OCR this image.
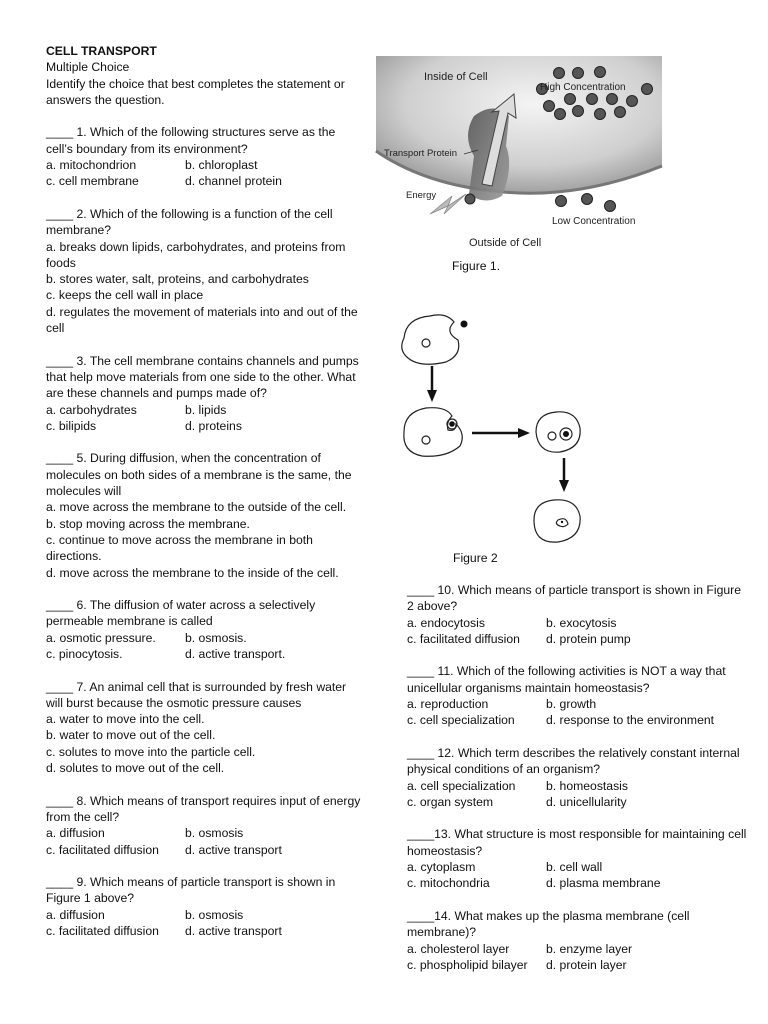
CELL TRANSPORT
Multiple Choice
Identify the choice that best completes the statement or answers the question.
____ 1. Which of the following structures serve as the cell’s boundary from its environment?
a. mitochondrion	b. chloroplast
c. cell membrane	d. channel protein
____ 2. Which of the following is a function of the cell membrane?
a. breaks down lipids, carbohydrates, and proteins from foods
b. stores water, salt, proteins, and carbohydrates
c. keeps the cell wall in place
d. regulates the movement of materials into and out of the cell
____ 3. The cell membrane contains channels and pumps that help move materials from one side to the other. What are these channels and pumps made of?
a. carbohydrates	b. lipids
c. bilipids	d. proteins
____ 5. During diffusion, when the concentration of molecules on both sides of a membrane is the same, the molecules will
a. move across the membrane to the outside of the cell.
b. stop moving across the membrane.
c. continue to move across the membrane in both directions.
d. move across the membrane to the inside of the cell.
____ 6. The diffusion of water across a selectively permeable membrane is called
a. osmotic pressure.	b. osmosis.
c. pinocytosis.	d. active transport.
____ 7. An animal cell that is surrounded by fresh water will burst because the osmotic pressure causes
a. water to move into the cell.
b. water to move out of the cell.
c. solutes to move into the particle cell.
d. solutes to move out of the cell.
____ 8. Which means of transport requires input of energy from the cell?
a. diffusion	b. osmosis
c. facilitated diffusion	d. active transport
____ 9. Which means of particle transport is shown in Figure 1 above?
a. diffusion	b. osmosis
c. facilitated diffusion	d. active transport
Inside of Cell
High Concentration
Transport Protein
Energy
Low Concentration
Outside of Cell
Figure 1.
Figure 2
____ 10. Which means of particle transport is shown in Figure 2 above?
a. endocytosis	b. exocytosis
c. facilitated diffusion	d. protein pump
____ 11. Which of the following activities is NOT a way that unicellular organisms maintain homeostasis?
a. reproduction	b. growth
c. cell specialization	d. response to the environment
____ 12. Which term describes the relatively constant internal physical conditions of an organism?
a. cell specialization	b. homeostasis
c. organ system	d. unicellularity
____13. What structure is most responsible for maintaining cell homeostasis?
a. cytoplasm	b. cell wall
c. mitochondria	d. plasma membrane
____14. What makes up the plasma membrane (cell membrane)?
a. cholesterol layer	b. enzyme layer
c. phospholipid bilayer	d. protein layer
